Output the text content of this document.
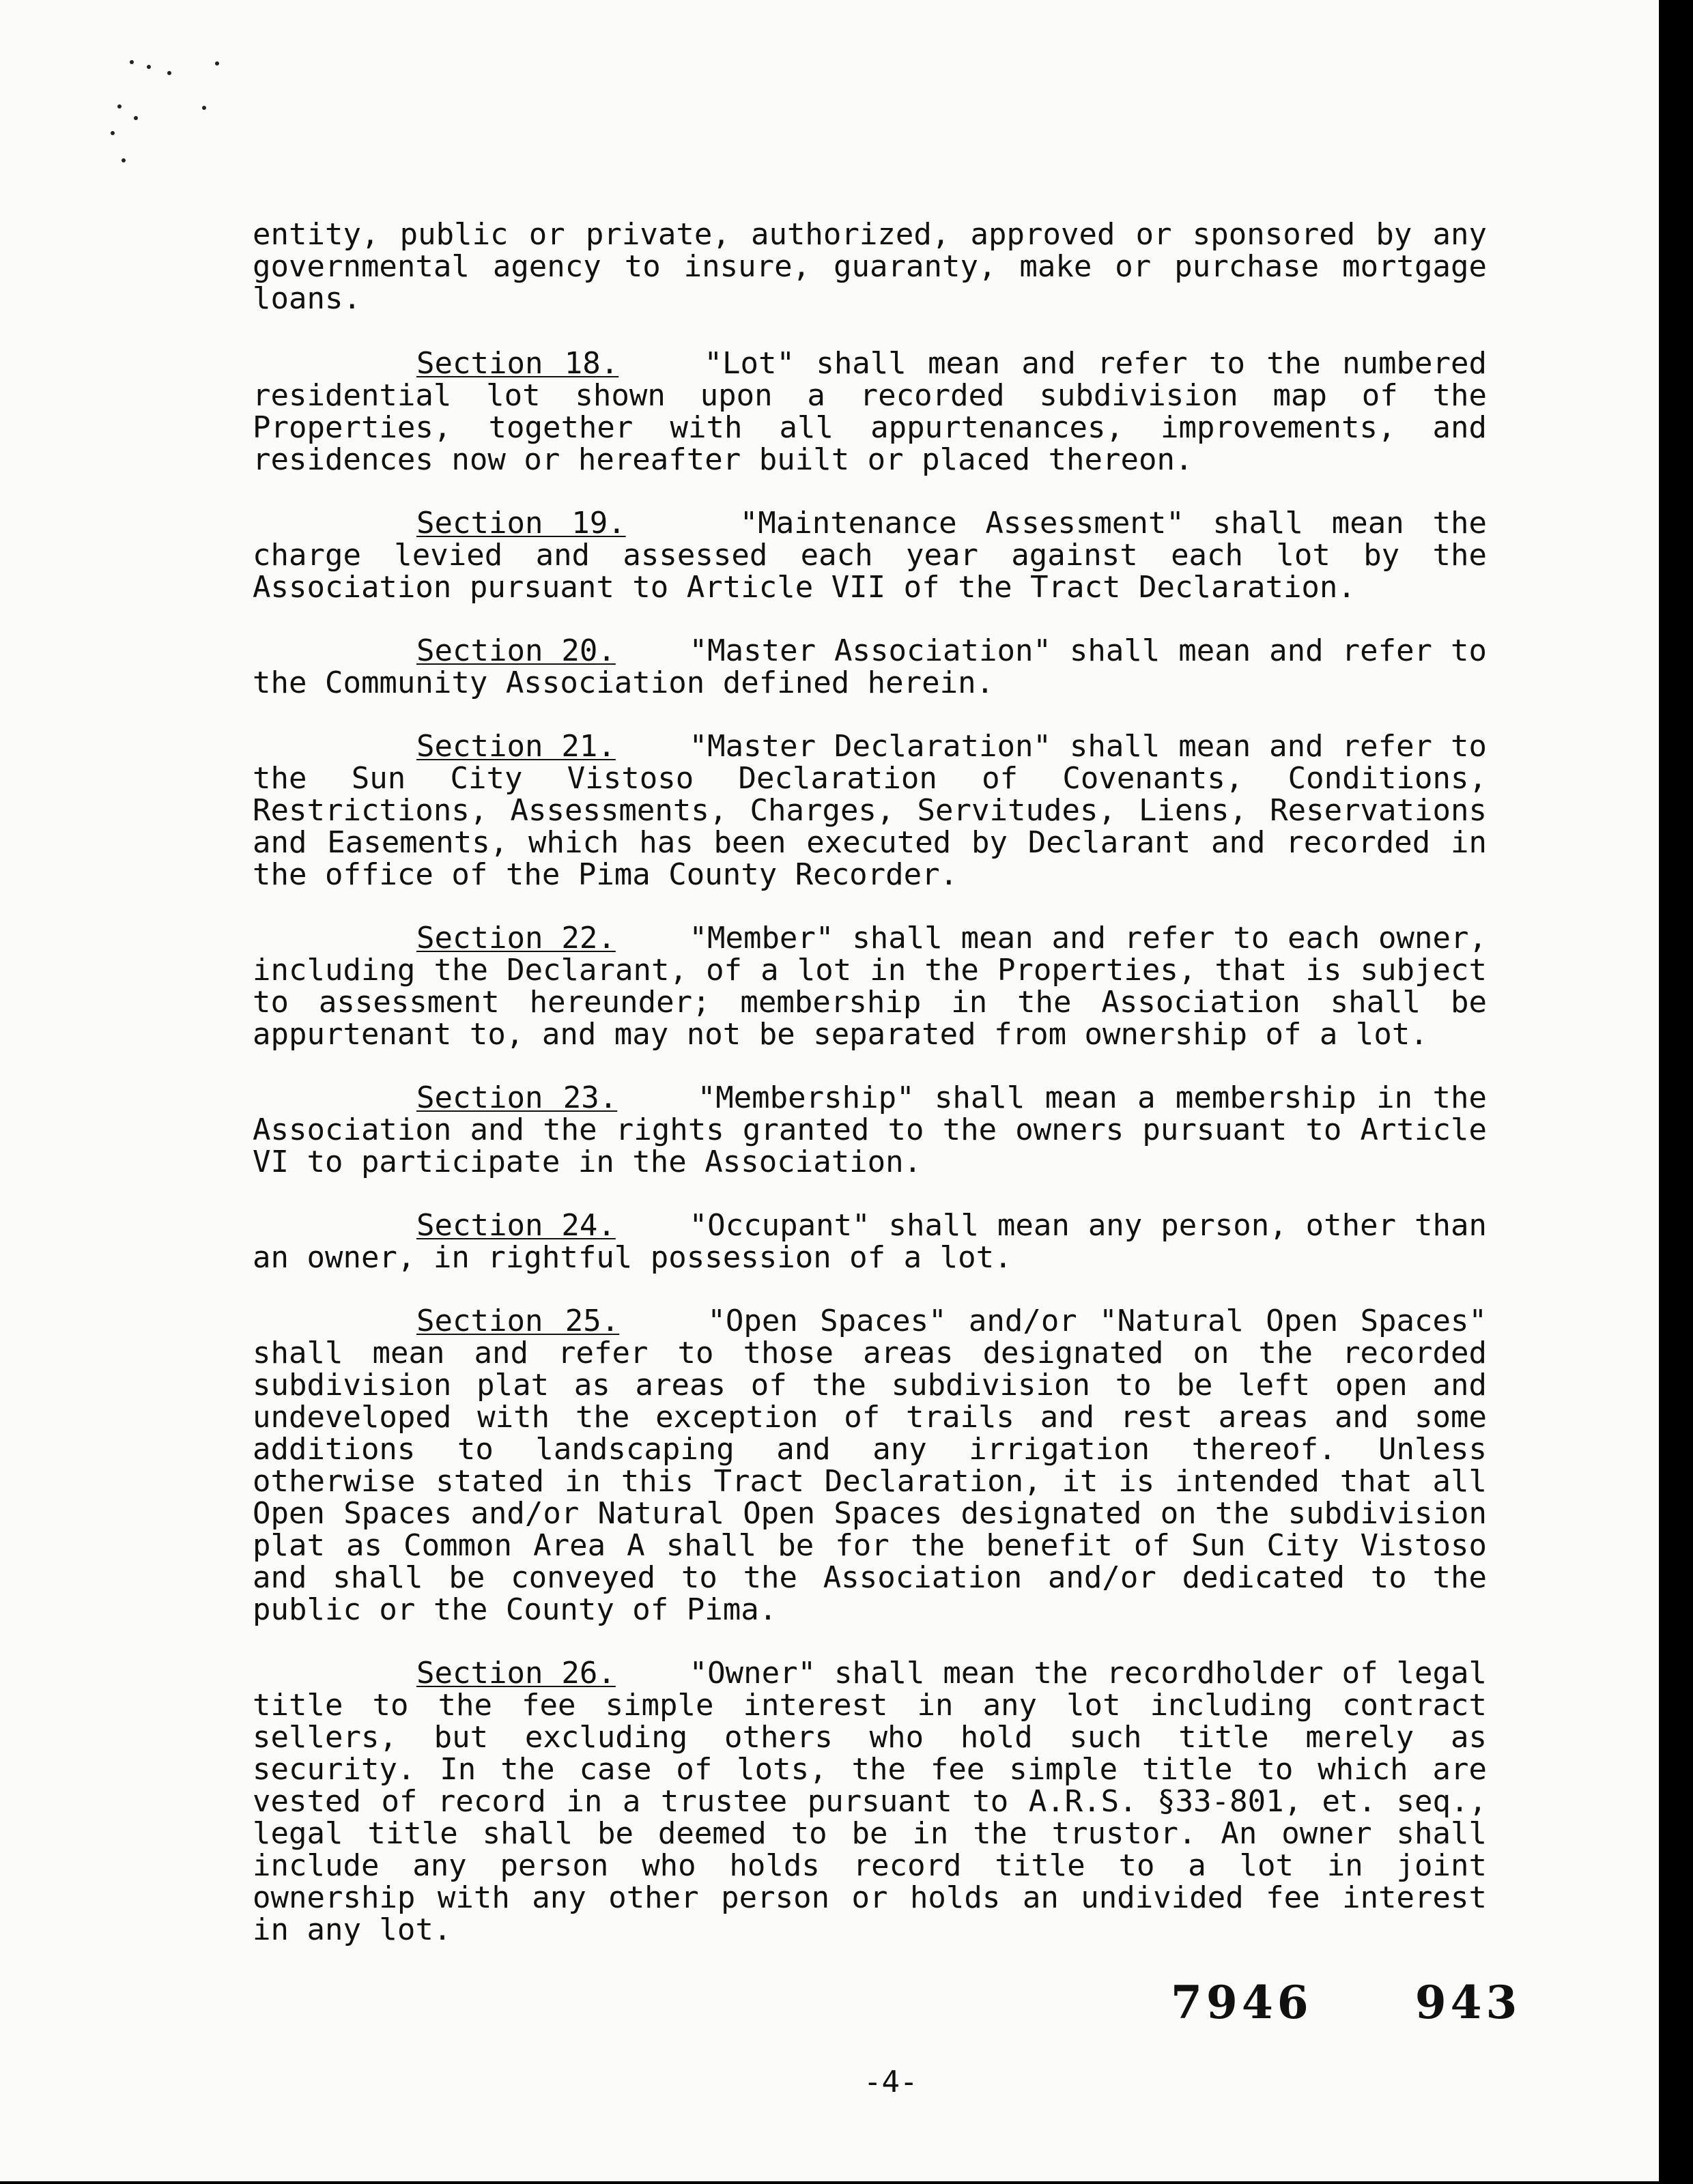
entity, public or private, authorized, approved or sponsored by any governmental agency to insure, guaranty, make or purchase mortgage loans.

Section 18.	"Lot" shall mean and refer to the numbered residential lot shown upon a recorded subdivision map of the Properties, together with all appurtenances, improvements, and residences now or hereafter built or placed thereon.

Section 19.	"Maintenance Assessment" shall mean the charge levied and assessed each year against each lot by the Association pursuant to Article VII of the Tract Declaration.

Section 20. "Master Association" shall mean and refer to the Community Association defined herein.

Section 21. "Master Declaration" shall mean and refer to the Sun City Vistoso Declaration of Covenants, Conditions, Restrictions, Assessments, Charges, Servitudes, Liens, Reservations and Easements, which has been executed by Declarant and recorded in the office of the Pima County Recorder.

Section 22. "Member" shall mean and refer to each owner, including the Declarant, of a lot in the Properties, that is subject to assessment hereunder; membership in the Association shall be appurtenant to, and may not be separated from ownership of a lot.

Section 23.	"Membership" shall mean a membership in the Association and the rights granted to the owners pursuant to Article VI to participate in the Association.

Section 24. "Occupant" shall mean any person, other than an owner, in rightful possession of a lot.

Section 25.	"Open Spaces" and/or "Natural Open Spaces" shall mean and refer to those areas designated on the recorded subdivision plat as areas of the subdivision to be left open and undeveloped with the exception of trails and rest areas and some additions to landscaping and any irrigation thereof. Unless otherwise stated in this Tract Declaration, it is intended that all Open Spaces and/or Natural Open Spaces designated on the subdivision plat as Common Area A shall be for the benefit of Sun City Vistoso and shall be conveyed to the Association and/or dedicated to the public or the County of Pima.

Section 26. "Owner" shall mean the recordholder of legal title to the fee simple interest in any lot including contract sellers, but excluding others who hold such title merely as security. In the case of lots, the fee simple title to which are vested of record in a trustee pursuant to A.R.S. §33-801, et. seq., legal title shall be deemed to be in the trustor. An owner shall include any person who holds record title to a lot in joint ownership with any other person or holds an undivided fee interest in any lot.

7946 943
-4-
